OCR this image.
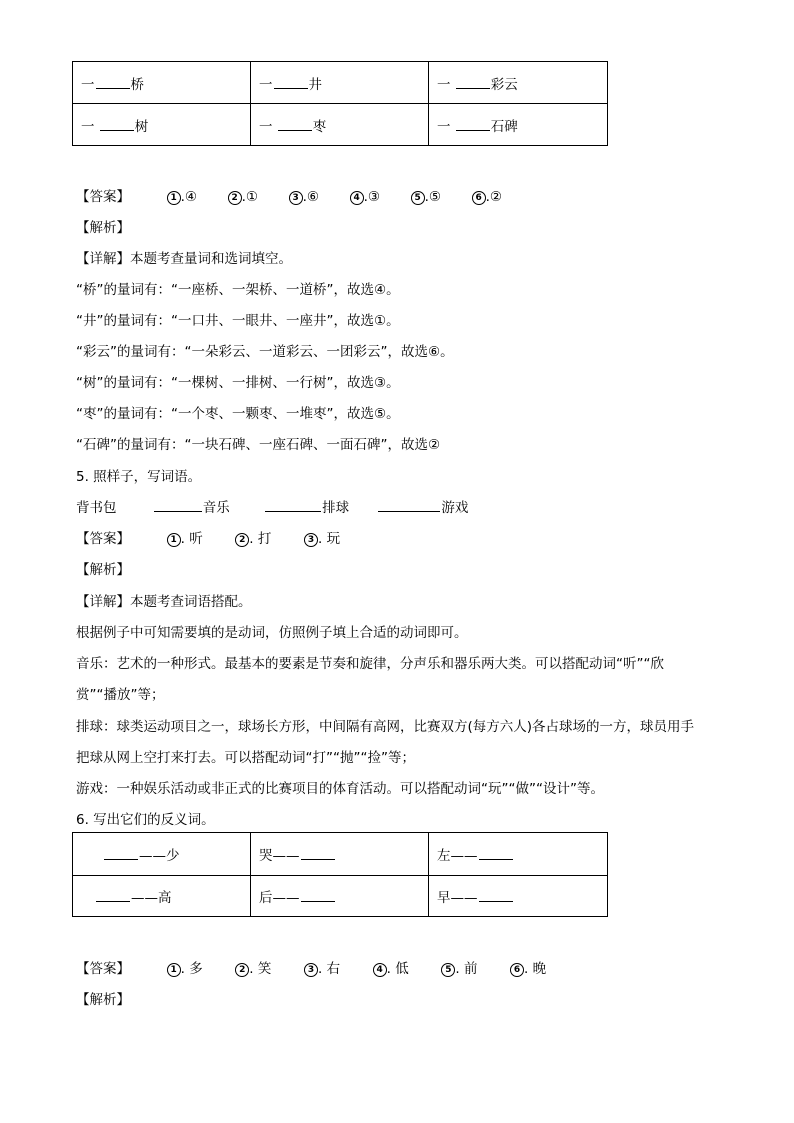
一 桥	一 井	一 彩云
一 树	一 枣	一 石碑
【答案】	1 .④	2 .①	3 .⑥	4 .③	5 .⑤	6 .②
【解析】
【详解】本题考查量词和选词填空。
“桥”的量词有：“一座桥、一架桥、一道桥”，故选④。
“井”的量词有：“一口井、一眼井、一座井”，故选①。
“彩云”的量词有：“一朵彩云、一道彩云、一团彩云”，故选⑥。
“树”的量词有：“一棵树、一排树、一行树”，故选③。
“枣”的量词有：“一个枣、一颗枣、一堆枣”，故选⑤。
“石碑”的量词有：“一块石碑、一座石碑、一面石碑”，故选②
5. 照样子，写词语。
背书包	音乐	排球	游戏
【答案】	1 . 听	2 . 打	3 . 玩
【解析】
【详解】本题考查词语搭配。
根据例子中可知需要填的是动词，仿照例子填上合适的动词即可。
音乐：艺术的一种形式。最基本的要素是节奏和旋律，分声乐和器乐两大类。可以搭配动词“听”“欣
赏”“播放”等；
排球：球类运动项目之一，球场长方形，中间隔有高网，比赛双方(每方六人)各占球场的一方，球员用手
把球从网上空打来打去。可以搭配动词“打”“抛”“捡”等；
游戏：一种娱乐活动或非正式的比赛项目的体育活动。可以搭配动词“玩”“做”“设计”等。
6. 写出它们的反义词。
——少	哭——	左——
——高	后——	早——
【答案】	1 . 多	2 . 笑	3 . 右	4 . 低	5 . 前	6 . 晚
【解析】
